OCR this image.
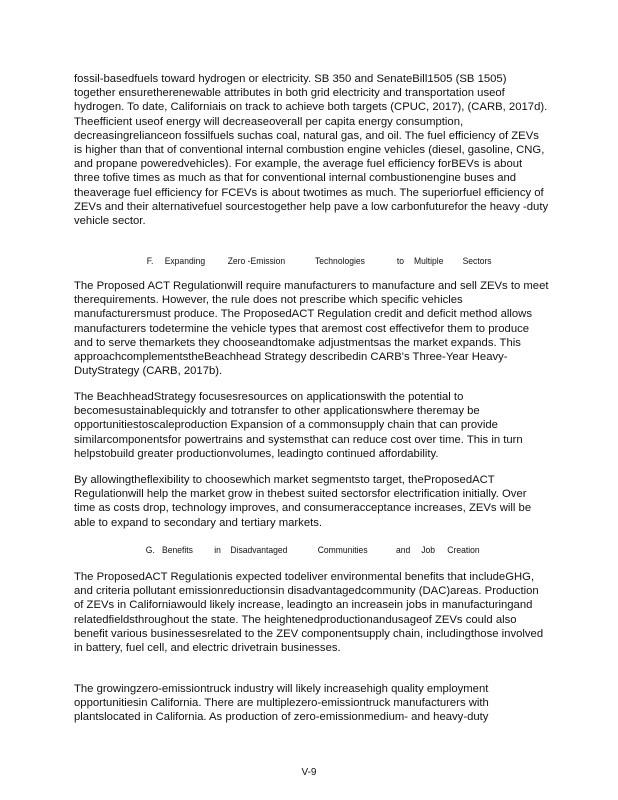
fossil-basedfuels toward hydrogen or electricity. SB 350 and SenateBill1505 (SB 1505) together ensuretherenewable attributes in both grid electricity and transportation useof hydrogen. To date, Californiais on track to achieve both targets (CPUC, 2017), (CARB, 2017d). Theefficient useof energy will decreaseoverall per capita energy consumption, decreasingrelianceon fossilfuels suchas coal, natural gas, and oil. The fuel efficiency of ZEVs is higher than that of conventional internal combustion engine vehicles (diesel, gasoline, CNG, and propane poweredvehicles). For example, the average fuel efficiency forBEVs is about three tofive times as much as that for conventional internal combustionengine buses and theaverage fuel efficiency for FCEVs is about twotimes as much. The superiorfuel efficiency of ZEVs and their alternativefuel sourcestogether help pave a low carbonfuturefor the heavy -duty vehicle sector.

F. Expanding Zero -Emission	Technologies	to Multiple Sectors

The Proposed ACT Regulationwill require manufacturers to manufacture and sell ZEVs to meet therequirements. However, the rule does not prescribe which specific vehicles manufacturersmust produce. The ProposedACT Regulation credit and deficit method allows manufacturers todetermine the vehicle types that aremost cost effectivefor them to produce and to serve themarkets they chooseandtomake adjustmentsas the market expands. This approachcomplementstheBeachhead Strategy describedin CARB's Three-Year Heavy-DutyStrategy (CARB, 2017b).

The BeachheadStrategy focusesresources on applicationswith the potential to becomesustainablequickly and totransfer to other applicationswhere theremay be opportunitiestoscaleproduction Expansion of a commonsupply chain that can provide similarcomponentsfor powertrains and systemsthat can reduce cost over time. This in turn helpstobuild greater productionvolumes, leadingto continued affordability.

By allowingtheflexibility to choosewhich market segmentsto target, theProposedACT Regulationwill help the market grow in thebest suited sectorsfor electrification initially. Over time as costs drop, technology improves, and consumeracceptance increases, ZEVs will be able to expand to secondary and tertiary markets.

G. Benefits in Disadvantaged	Communities	and Job Creation

The ProposedACT Regulationis expected todeliver environmental benefits that includeGHG, and criteria pollutant emissionreductionsin disadvantagedcommunity (DAC)areas. Production of ZEVs in Californiawould likely increase, leadingto an increasein jobs in manufacturingand relatedfieldsthroughout the state. The heightenedproductionandusageof ZEVs could also benefit various businessesrelated to the ZEV componentsupply chain, includingthose involved in battery, fuel cell, and electric drivetrain businesses.

The growingzero-emissiontruck industry will likely increasehigh quality employment opportunitiesin California. There are multiplezero-emissiontruck manufacturers with plantslocated in California. As production of zero-emissionmedium- and heavy-duty

V-9
